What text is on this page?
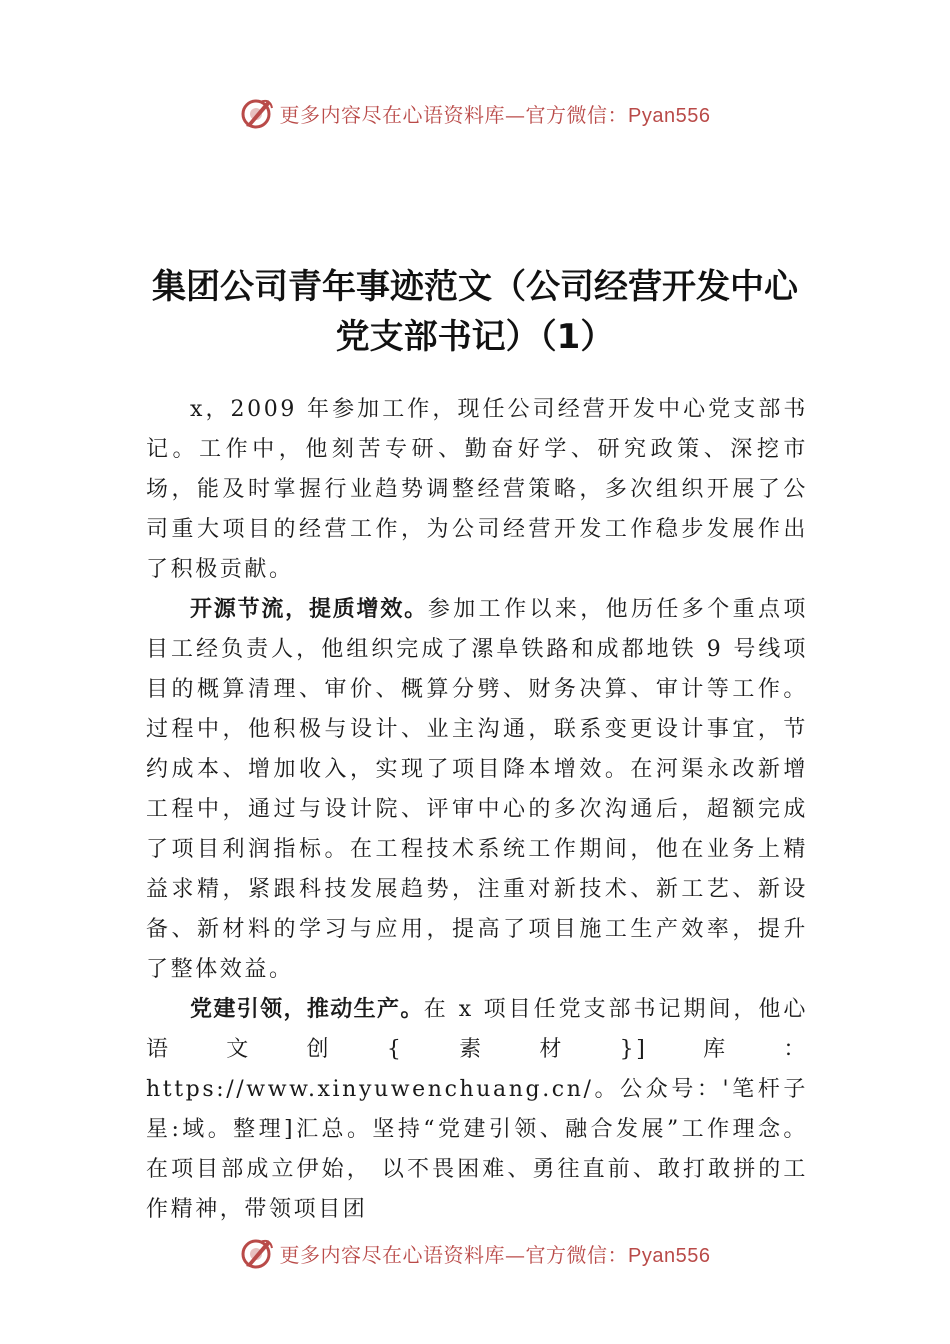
更多内容尽在心语资料库—官方微信：Pyan556
集团公司青年事迹范文（公司经营开发中心
党支部书记）（1）

x，2009 年参加工作，现任公司经营开发中心党支部书记。工作中，他刻苦专研、勤奋好学、研究政策、深挖市场，能及时掌握行业趋势调整经营策略，多次组织开展了公司重大项目的经营工作，为公司经营开发工作稳步发展作出了积极贡献。

开源节流，提质增效。参加工作以来，他历任多个重点项目工经负责人，他组织完成了漯阜铁路和成都地铁 9 号线项目的概算清理、审价、概算分劈、财务决算、审计等工作。过程中，他积极与设计、业主沟通，联系变更设计事宜，节约成本、增加收入，实现了项目降本增效。在河渠永改新增工程中，通过与设计院、评审中心的多次沟通后，超额完成了项目利润指标。在工程技术系统工作期间，他在业务上精益求精，紧跟科技发展趋势，注重对新技术、新工艺、新设备、新材料的学习与应用，提高了项目施工生产效率，提升了整体效益。

党建引领，推动生产。在 x 项目任党支部书记期间，他心语文创{素材}]库：https://www.xinyuwenchuang.cn/。公众号：'笔杆子星:域。整理]汇总。坚持“党建引领、融合发展”工作理念。在项目部成立伊始， 以不畏困难、勇往直前、敢打敢拼的工作精神，带领项目团

更多内容尽在心语资料库—官方微信：Pyan556
